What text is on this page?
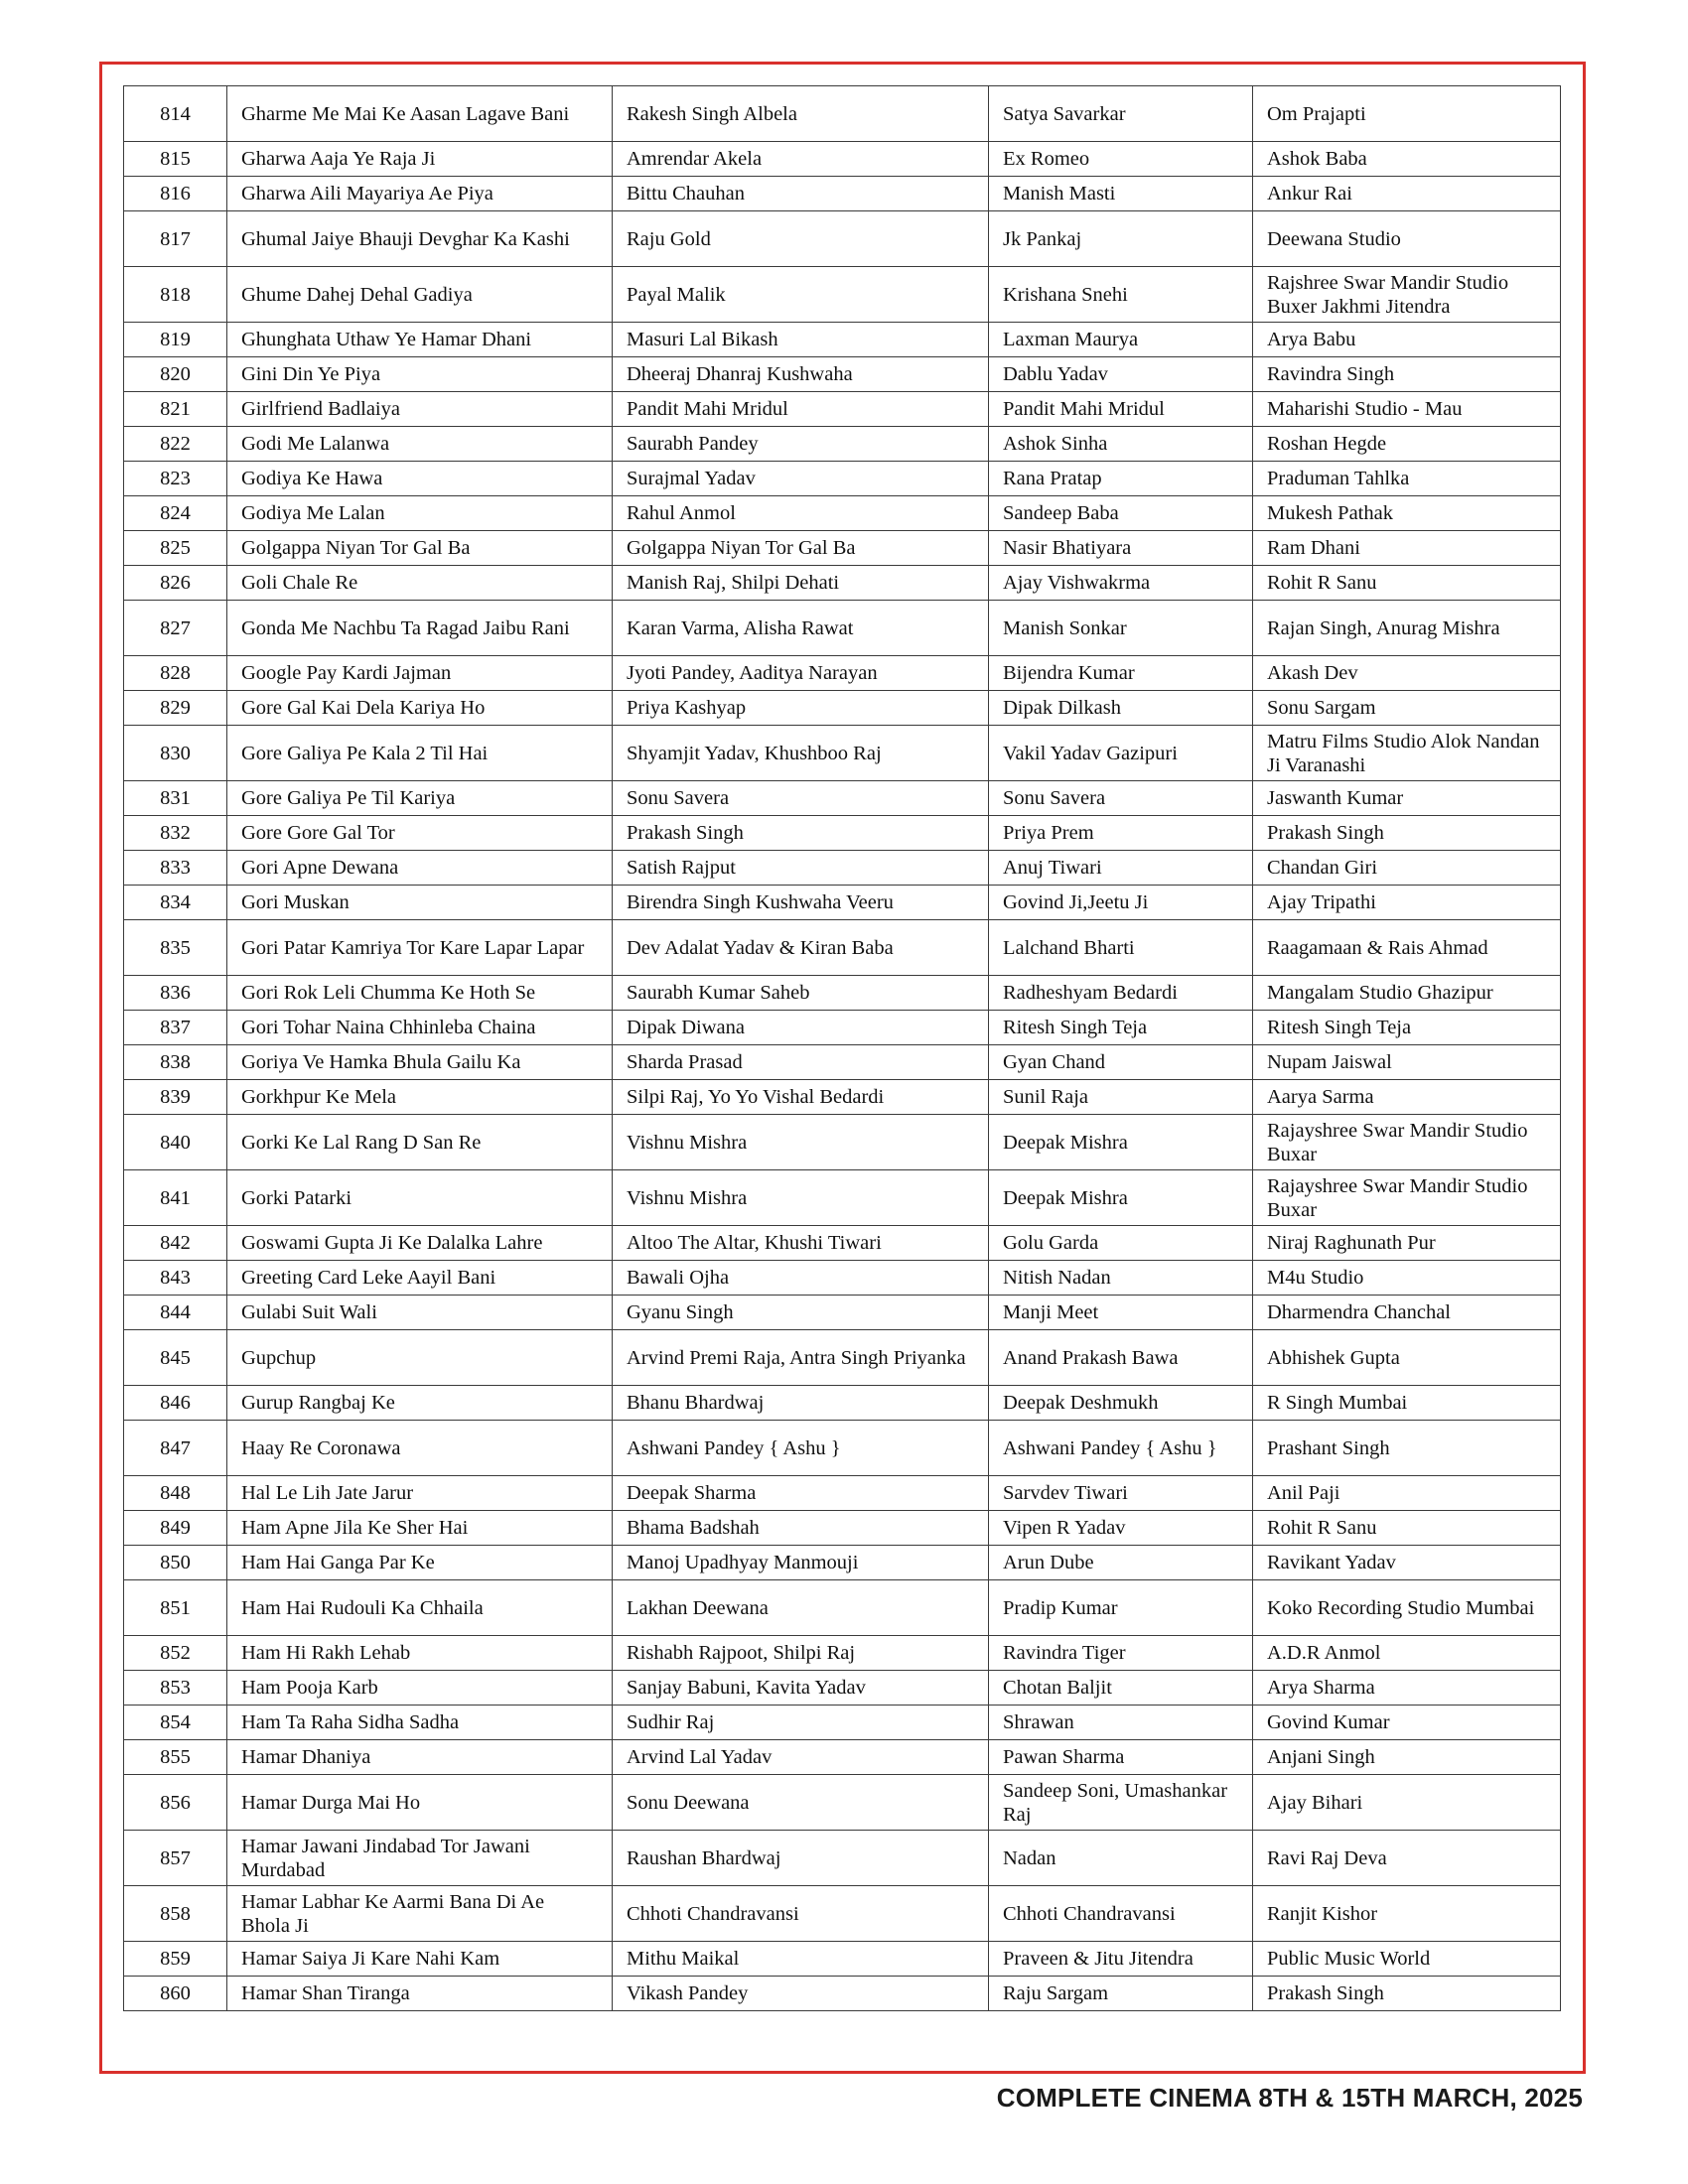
814	Gharme Me Mai Ke Aasan Lagave Bani	Rakesh Singh Albela	Satya Savarkar	Om Prajapti
815	Gharwa Aaja Ye Raja Ji	Amrendar Akela	Ex Romeo	Ashok Baba
816	Gharwa Aili Mayariya Ae Piya	Bittu Chauhan	Manish Masti	Ankur Rai
817	Ghumal Jaiye Bhauji Devghar Ka Kashi	Raju Gold	Jk Pankaj	Deewana Studio
818	Ghume Dahej Dehal Gadiya	Payal Malik	Krishana Snehi	Rajshree Swar Mandir Studio Buxer Jakhmi Jitendra
819	Ghunghata Uthaw Ye Hamar Dhani	Masuri Lal Bikash	Laxman Maurya	Arya Babu
820	Gini Din Ye Piya	Dheeraj Dhanraj Kushwaha	Dablu Yadav	Ravindra Singh
821	Girlfriend Badlaiya	Pandit Mahi Mridul	Pandit Mahi Mridul	Maharishi Studio - Mau
822	Godi Me Lalanwa	Saurabh Pandey	Ashok Sinha	Roshan Hegde
823	Godiya Ke Hawa	Surajmal Yadav	Rana Pratap	Praduman Tahlka
824	Godiya Me Lalan	Rahul Anmol	Sandeep Baba	Mukesh Pathak
825	Golgappa Niyan Tor Gal Ba	Golgappa Niyan Tor Gal Ba	Nasir Bhatiyara	Ram Dhani
826	Goli Chale Re	Manish Raj, Shilpi Dehati	Ajay Vishwakrma	Rohit R Sanu
827	Gonda Me Nachbu Ta Ragad Jaibu Rani	Karan Varma, Alisha Rawat	Manish Sonkar	Rajan Singh, Anurag Mishra
828	Google Pay Kardi Jajman	Jyoti Pandey, Aaditya Narayan	Bijendra Kumar	Akash Dev
829	Gore Gal Kai Dela Kariya Ho	Priya Kashyap	Dipak Dilkash	Sonu Sargam
830	Gore Galiya Pe Kala 2 Til Hai	Shyamjit Yadav, Khushboo Raj	Vakil Yadav Gazipuri	Matru Films Studio Alok Nandan Ji Varanashi
831	Gore Galiya Pe Til Kariya	Sonu Savera	Sonu Savera	Jaswanth Kumar
832	Gore Gore Gal Tor	Prakash Singh	Priya Prem	Prakash Singh
833	Gori Apne Dewana	Satish Rajput	Anuj Tiwari	Chandan Giri
834	Gori Muskan	Birendra Singh Kushwaha Veeru	Govind Ji,Jeetu Ji	Ajay Tripathi
835	Gori Patar Kamriya Tor Kare Lapar Lapar	Dev Adalat Yadav & Kiran Baba	Lalchand Bharti	Raagamaan & Rais Ahmad
836	Gori Rok Leli Chumma Ke Hoth Se	Saurabh Kumar Saheb	Radheshyam Bedardi	Mangalam Studio Ghazipur
837	Gori Tohar Naina Chhinleba Chaina	Dipak Diwana	Ritesh Singh Teja	Ritesh Singh Teja
838	Goriya Ve Hamka Bhula Gailu Ka	Sharda Prasad	Gyan Chand	Nupam Jaiswal
839	Gorkhpur Ke Mela	Silpi Raj, Yo Yo Vishal Bedardi	Sunil Raja	Aarya Sarma
840	Gorki Ke Lal Rang D San Re	Vishnu Mishra	Deepak Mishra	Rajayshree Swar Mandir Studio Buxar
841	Gorki Patarki	Vishnu Mishra	Deepak Mishra	Rajayshree Swar Mandir Studio Buxar
842	Goswami Gupta Ji Ke Dalalka Lahre	Altoo The Altar, Khushi Tiwari	Golu Garda	Niraj Raghunath Pur
843	Greeting Card Leke Aayil Bani	Bawali Ojha	Nitish Nadan	M4u Studio
844	Gulabi Suit Wali	Gyanu Singh	Manji Meet	Dharmendra Chanchal
845	Gupchup	Arvind Premi Raja, Antra Singh Priyanka	Anand Prakash Bawa	Abhishek Gupta
846	Gurup Rangbaj Ke	Bhanu Bhardwaj	Deepak Deshmukh	R Singh Mumbai
847	Haay Re Coronawa	Ashwani Pandey { Ashu }	Ashwani Pandey { Ashu }	Prashant Singh
848	Hal Le Lih Jate Jarur	Deepak Sharma	Sarvdev Tiwari	Anil Paji
849	Ham Apne Jila Ke Sher Hai	Bhama Badshah	Vipen R Yadav	Rohit R Sanu
850	Ham Hai Ganga Par Ke	Manoj Upadhyay Manmouji	Arun Dube	Ravikant Yadav
851	Ham Hai Rudouli Ka Chhaila	Lakhan Deewana	Pradip Kumar	Koko Recording Studio Mumbai
852	Ham Hi Rakh Lehab	Rishabh Rajpoot, Shilpi Raj	Ravindra Tiger	A.D.R Anmol
853	Ham Pooja Karb	Sanjay Babuni, Kavita Yadav	Chotan Baljit	Arya Sharma
854	Ham Ta Raha Sidha Sadha	Sudhir Raj	Shrawan	Govind Kumar
855	Hamar Dhaniya	Arvind Lal Yadav	Pawan Sharma	Anjani Singh
856	Hamar Durga Mai Ho	Sonu Deewana	Sandeep Soni, Umashankar Raj	Ajay Bihari
857	Hamar Jawani Jindabad Tor Jawani Murdabad	Raushan Bhardwaj	Nadan	Ravi Raj Deva
858	Hamar Labhar Ke Aarmi Bana Di Ae Bhola Ji	Chhoti Chandravansi	Chhoti Chandravansi	Ranjit Kishor
859	Hamar Saiya Ji Kare Nahi Kam	Mithu Maikal	Praveen & Jitu Jitendra	Public Music World
860	Hamar Shan Tiranga	Vikash Pandey	Raju Sargam	Prakash Singh
COMPLETE CINEMA 8TH & 15TH MARCH, 2025
